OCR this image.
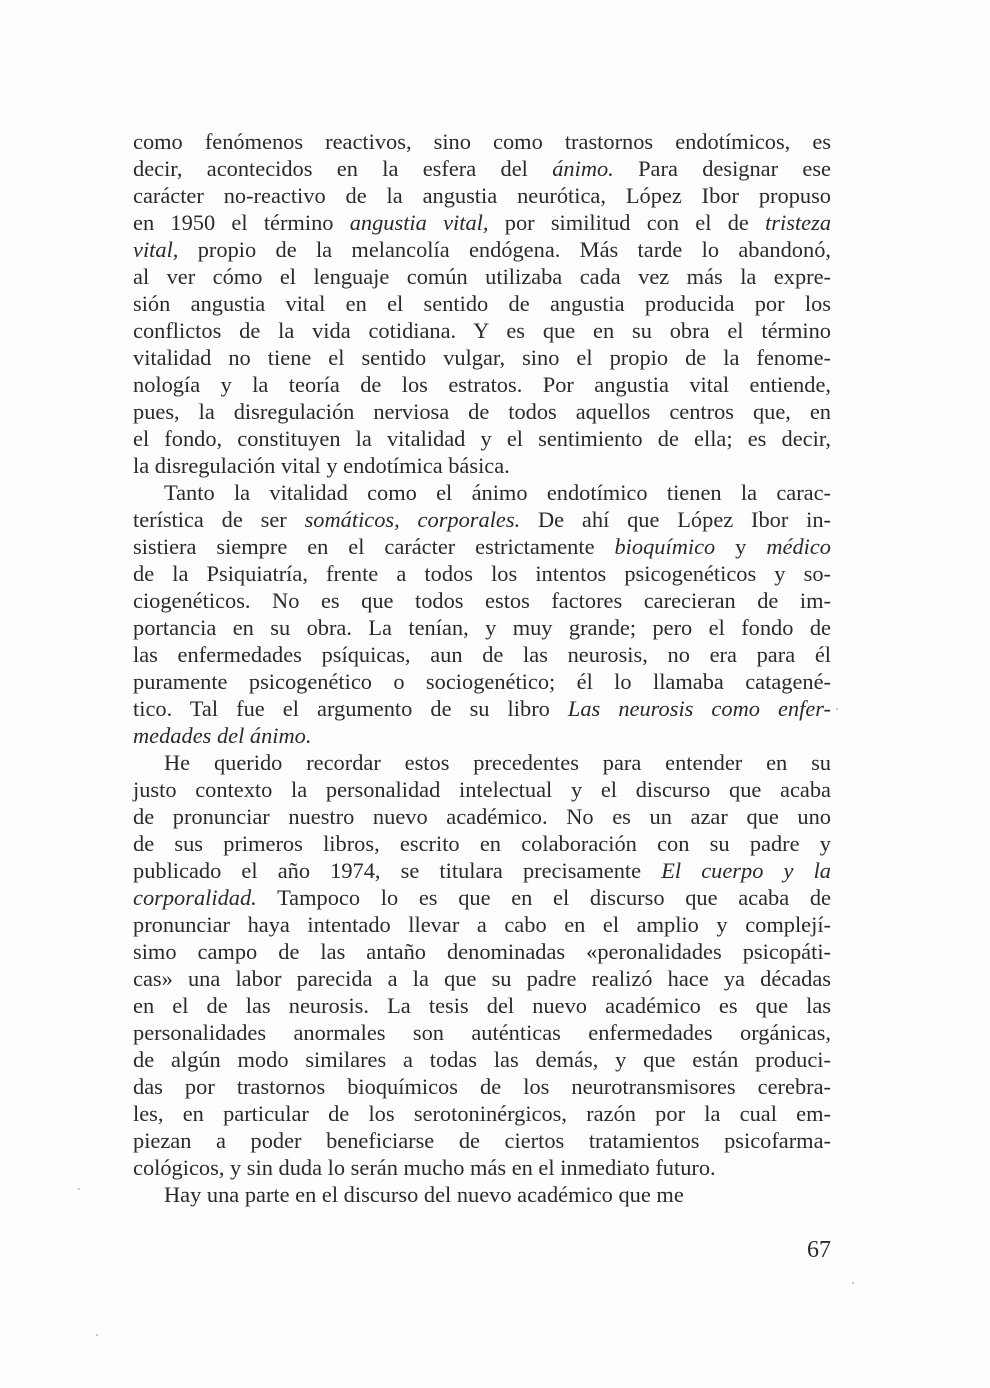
como fenómenos reactivos, sino como trastornos endotímicos, es
decir, acontecidos en la esfera del ánimo. Para designar ese
carácter no-reactivo de la angustia neurótica, López Ibor propuso
en 1950 el término angustia vital, por similitud con el de tristeza
vital, propio de la melancolía endógena. Más tarde lo abandonó,
al ver cómo el lenguaje común utilizaba cada vez más la expre-
sión angustia vital en el sentido de angustia producida por los
conflictos de la vida cotidiana. Y es que en su obra el término
vitalidad no tiene el sentido vulgar, sino el propio de la fenome-
nología y la teoría de los estratos. Por angustia vital entiende,
pues, la disregulación nerviosa de todos aquellos centros que, en
el fondo, constituyen la vitalidad y el sentimiento de ella; es decir,
la disregulación vital y endotímica básica.
Tanto la vitalidad como el ánimo endotímico tienen la carac-
terística de ser somáticos, corporales. De ahí que López Ibor in-
sistiera siempre en el carácter estrictamente bioquímico y médico
de la Psiquiatría, frente a todos los intentos psicogenéticos y so-
ciogenéticos. No es que todos estos factores carecieran de im-
portancia en su obra. La tenían, y muy grande; pero el fondo de
las enfermedades psíquicas, aun de las neurosis, no era para él
puramente psicogenético o sociogenético; él lo llamaba catagené-
tico. Tal fue el argumento de su libro Las neurosis como enfer-
medades del ánimo.
He querido recordar estos precedentes para entender en su
justo contexto la personalidad intelectual y el discurso que acaba
de pronunciar nuestro nuevo académico. No es un azar que uno
de sus primeros libros, escrito en colaboración con su padre y
publicado el año 1974, se titulara precisamente El cuerpo y la
corporalidad. Tampoco lo es que en el discurso que acaba de
pronunciar haya intentado llevar a cabo en el amplio y complejí-
simo campo de las antaño denominadas «peronalidades psicopáti-
cas» una labor parecida a la que su padre realizó hace ya décadas
en el de las neurosis. La tesis del nuevo académico es que las
personalidades anormales son auténticas enfermedades orgánicas,
de algún modo similares a todas las demás, y que están produci-
das por trastornos bioquímicos de los neurotransmisores cerebra-
les, en particular de los serotoninérgicos, razón por la cual em-
piezan a poder beneficiarse de ciertos tratamientos psicofarma-
cológicos, y sin duda lo serán mucho más en el inmediato futuro.
Hay una parte en el discurso del nuevo académico que me
67
